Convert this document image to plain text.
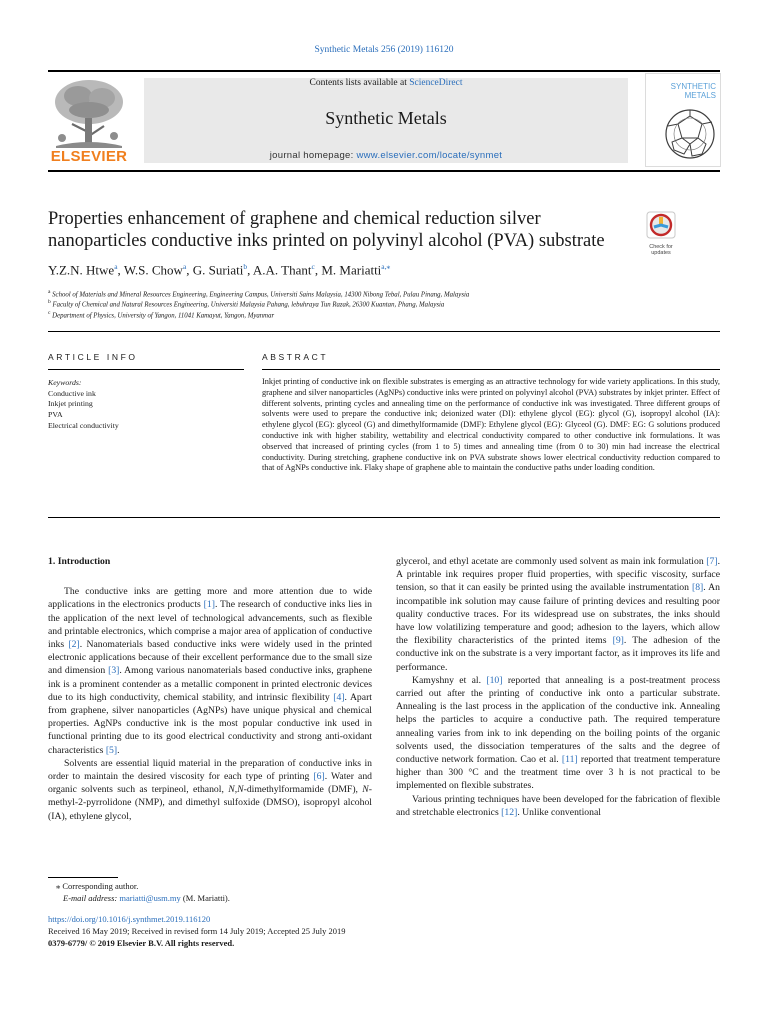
Synthetic Metals 256 (2019) 116120
ELSEVIER
Contents lists available at ScienceDirect
Synthetic Metals
journal homepage: www.elsevier.com/locate/synmet
SYNTHETIC
METALS
Properties enhancement of graphene and chemical reduction silver
nanoparticles conductive inks printed on polyvinyl alcohol (PVA) substrate	Check for
updates
Y.Z.N. Htwe$^a$, W.S. Chow$^a$, G. Suriati$^b$, A.A. Thant$^c$, M. Mariatti$^{a,⁎}$
$^a$ School of Materials and Mineral Resources Engineering, Engineering Campus, Universiti Sains Malaysia, 14300 Nibong Tebal, Pulau Pinang, Malaysia
$^b$ Faculty of Chemical and Natural Resources Engineering, Universiti Malaysia Pahang, lebuhraya Tun Razak, 26300 Kuantan, Phang, Malaysia
$^c$ Department of Physics, University of Yangon, 11041 Kamayut, Yangon, Myanmar
ARTICLE INFO	ABSTRACT
Keywords:
Conductive ink
Inkjet printing
PVA
Electrical conductivity
Inkjet printing of conductive ink on flexible substrates is emerging as an attractive technology for wide variety applications. In this study, graphene and silver nanoparticles (AgNPs) conductive inks were printed on polyvinyl alcohol (PVA) substrates by inkjet printer. Effect of different solvents, printing cycles and annealing time on the performance of conductive ink was investigated. Three different groups of solvents were used to prepare the conductive ink; deionized water (DI): ethylene glycol (EG): glycol (G), isopropyl alcohol (IA): ethylene glycol (EG): glyceol (G) and dimethylformamide (DMF): Ethylene glycol (EG): Glyceol (G). DMF: EG: G solutions produced conductive ink with higher stability, wettability and electrical conductivity compared to other conductive ink formulations. It was observed that increased of printing cycles (from 1 to 5) times and annealing time (from 0 to 30) min had increase the electrical conductivity. During stretching, graphene conductive ink on PVA substrate shows lower electrical conductivity reduction compared to that of AgNPs conductive ink. Flaky shape of graphene able to maintain the conductive paths under loading condition.

1. Introduction

The conductive inks are getting more and more attention due to wide applications in the electronics products [1]. The research of conductive inks lies in the application of the next level of technological advancements, such as flexible and printable electronics, which comprise a major area of application of conductive inks [2]. Nanomaterials based conductive inks were widely used in the printed electronic applications because of their excellent performance due to the small size and dimension [3]. Among various nanomaterials based conductive inks, graphene ink is a prominent contender as a metallic component in printed electronic devices due to its high conductivity, chemical stability, and intrinsic flexibility [4]. Apart from graphene, silver nanoparticles (AgNPs) have unique physical and chemical properties. AgNPs conductive ink is the most popular conductive ink used in functional printing due to its good electrical conductivity and strong anti-oxidant characteristics [5].

Solvents are essential liquid material in the preparation of conductive inks in order to maintain the desired viscosity for each type of printing [6]. Water and organic solvents such as terpineol, ethanol, N,N-dimethylformamide (DMF), N-methyl-2-pyrrolidone (NMP), and dimethyl sulfoxide (DMSO), isopropyl alcohol (IA), ethylene glycol,

glycerol, and ethyl acetate are commonly used solvent as main ink formulation [7]. A printable ink requires proper fluid properties, with specific viscosity, surface tension, so that it can easily be printed using the available instrumentation [8]. An incompatible ink solution may cause failure of printing devices and resulting poor quality conductive traces. For its widespread use on substrates, the inks should have low volatilizing temperature and good; adhesion to the layers, which allow the flexibility characteristics of the printed items [9]. The adhesion of the conductive ink on the substrate is a very important factor, as it improves its life and performance.

Kamyshny et al. [10] reported that annealing is a post-treatment process carried out after the printing of conductive ink onto a particular substrate. Annealing is the last process in the application of the conductive ink. Annealing helps the particles to acquire a conductive path. The required temperature annealing varies from ink to ink depending on the boiling points of the organic solvents used, the dissociation temperatures of the salts and the degree of conductive network formation. Cao et al. [11] reported that treatment temperature higher than 300 °C and the treatment time over 3 h is not practical to be implemented on flexible substrates.

Various printing techniques have been developed for the fabrication of flexible and stretchable electronics [12]. Unlike conventional

⁎ Corresponding author.
E-mail address: mariatti@usm.my (M. Mariatti).
https://doi.org/10.1016/j.synthmet.2019.116120
Received 16 May 2019; Received in revised form 14 July 2019; Accepted 25 July 2019
0379-6779/ © 2019 Elsevier B.V. All rights reserved.
